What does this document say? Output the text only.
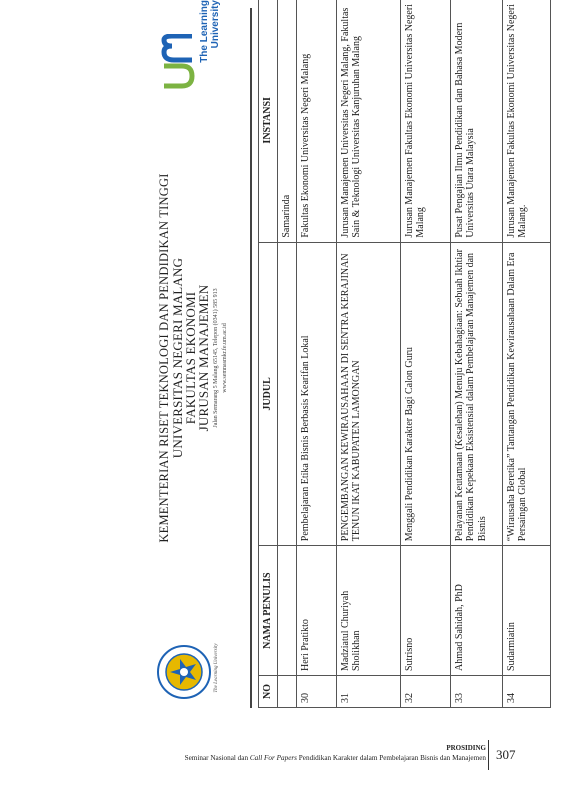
The Learning University
KEMENTERIAN RISET TEKNOLOGI DAN PENDIDIKAN TINGGI
UNIVERSITAS NEGERI MALANG
FAKULTAS EKONOMI
JURUSAN MANAJEMEN Jalan Semarang 5 Malang 65145, Telepon (0341) 585 913 www.semnasmkr.fe.um.ac.id
The Learning
University
NO	NAMA PENULIS	JUDUL	INSTANSI
			Samarinda
30	Heri Pratikto	Pembelajaran Etika Bisnis Berbasis Kearifan Lokal	Fakultas Ekonomi Universitas Negeri Malang
31	Madziatul Churiyah Sholikhan	PENGEMBANGAN KEWIRAUSAHAAN DI SENTRA KERAJINAN TENUN IKAT KABUPATEN LAMONGAN	Jurusan Manajemen Universitas Negeri Malang, Fakultas Sain & Teknologi Universitas Kanjuruhan Malang
32	Sutrisno	Menggali Pendidikan Karakter Bagi Calon Guru	Jurusan Manajemen Fakultas Ekonomi Universitas Negeri Malang
33	Ahmad Sahidah, PhD	Pelayanan Keutamaan (Kesalehan) Menuju Kebahagiaan: Sebuah Ikhtiar Pendidikan Kepekaan Eksistensial dalam Pembelajaran Manajemen dan Bisnis	Pusat Pengajian Ilmu Pendidikan dan Bahasa Modern Universitas Utara Malaysia
34	Sudarmiatin	“Wirausaha Beretika” Tantangan Pendidikan Kewirausahaan Dalam Era Persaingan Global	Jurusan Manajemen Fakultas Ekonomi Universitas Negeri Malang.
PROSIDING
Seminar Nasional dan Call For Papers Pendidikan Karakter dalam Pembelajaran Bisnis dan Manajemen 307
